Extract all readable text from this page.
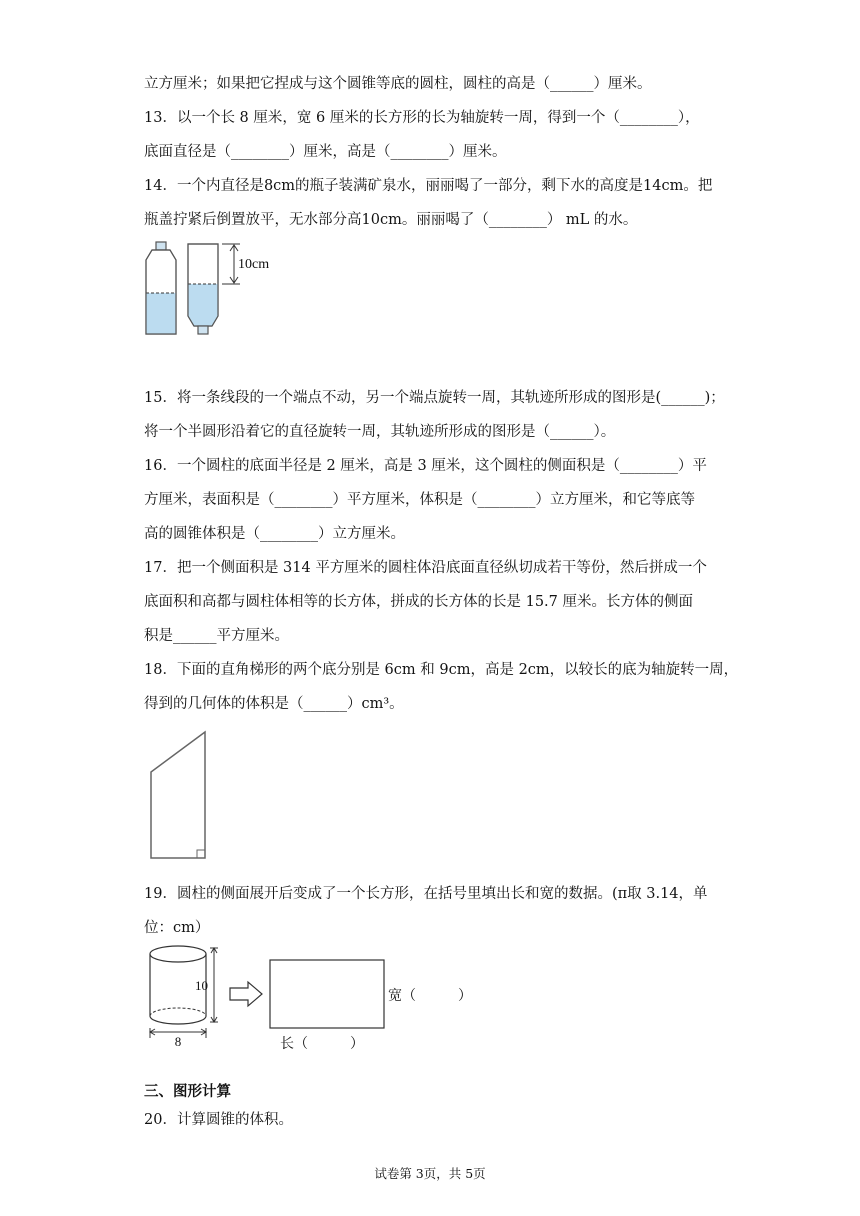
立方厘米；如果把它捏成与这个圆锥等底的圆柱，圆柱的高是（______）厘米。
13．以一个长 8 厘米，宽 6 厘米的长方形的长为轴旋转一周，得到一个（________），
底面直径是（________）厘米，高是（________）厘米。
14．一个内直径是8cm的瓶子装满矿泉水，丽丽喝了一部分，剩下水的高度是14cm。把
瓶盖拧紧后倒置放平，无水部分高10cm。丽丽喝了（________） mL 的水。
10cm
15．将一条线段的一个端点不动，另一个端点旋转一周，其轨迹所形成的图形是(______)；
将一个半圆形沿着它的直径旋转一周，其轨迹所形成的图形是（______）。
16．一个圆柱的底面半径是 2 厘米，高是 3 厘米，这个圆柱的侧面积是（________）平
方厘米，表面积是（________）平方厘米，体积是（________）立方厘米，和它等底等
高的圆锥体积是（________）立方厘米。
17．把一个侧面积是 314 平方厘米的圆柱体沿底面直径纵切成若干等份，然后拼成一个
底面积和高都与圆柱体相等的长方体，拼成的长方体的长是 15.7 厘米。长方体的侧面
积是______平方厘米。
18．下面的直角梯形的两个底分别是 6cm 和 9cm，高是 2cm，以较长的底为轴旋转一周，
得到的几何体的体积是（______）cm³。
19．圆柱的侧面展开后变成了一个长方形，在括号里填出长和宽的数据。(π取 3.14，单
位：cm）
10
8
宽（　　　）
长（　　　）
三、图形计算
20．计算圆锥的体积。
试卷第 3页，共 5页
